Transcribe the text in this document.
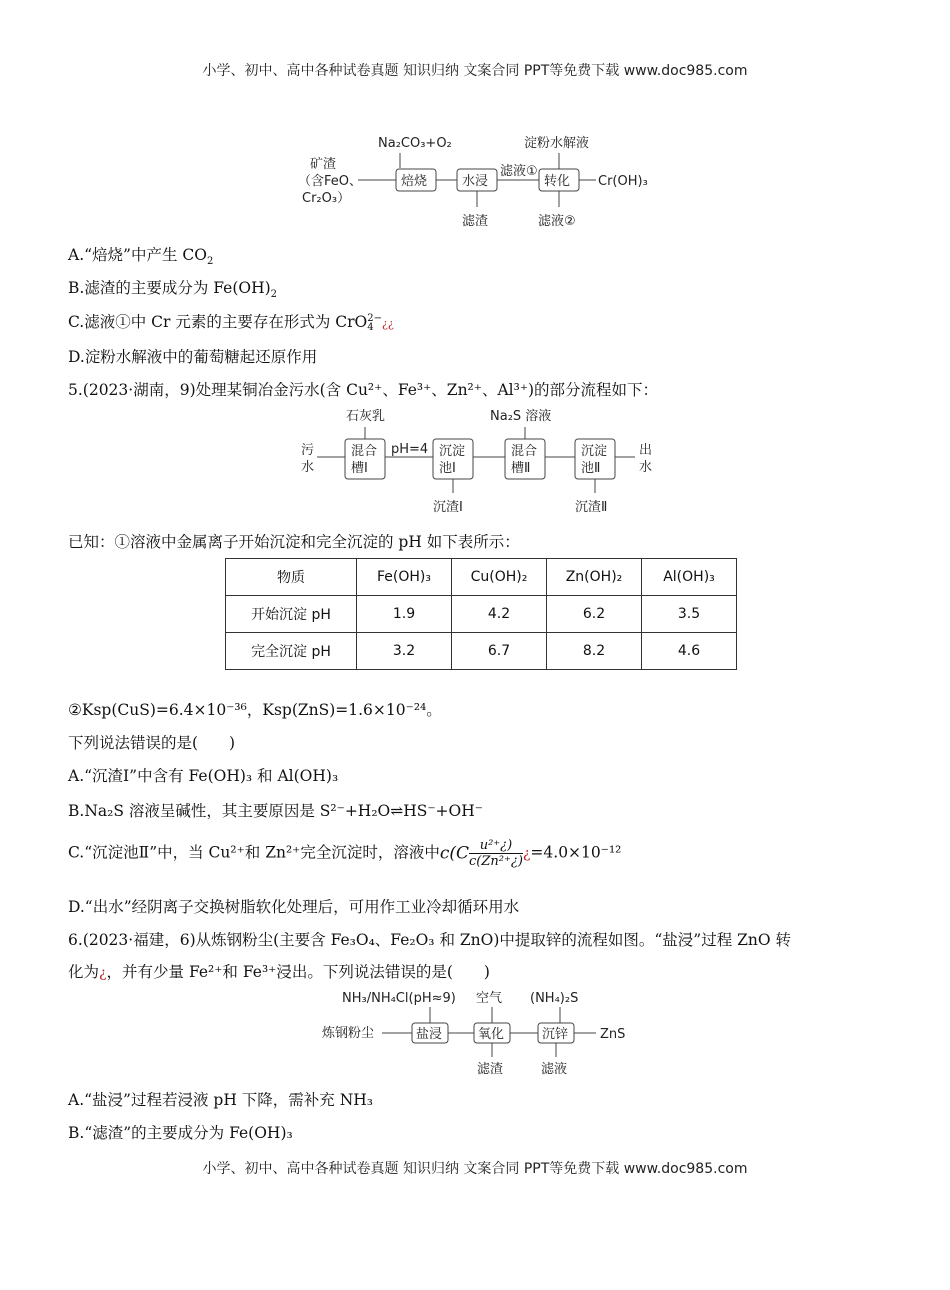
小学、初中、高中各种试卷真题 知识归纳 文案合同 PPT等免费下载 www.doc985.com
Na₂CO₃+O₂
矿渣
（含FeO、
Cr₂O₃）
焙烧	水浸
滤渣
滤液①
淀粉水解液
转化 Cr(OH)₃
滤液②
A.“焙烧”中产生 $CO_2$
B.滤渣的主要成分为 $Fe(OH)_2$
C.滤液①中 Cr 元素的主要存在形式为 CrO 2−
4 ¿¿
D.淀粉水解液中的葡萄糖起还原作用
5.(2023·湖南，9)处理某铜冶金污水(含 Cu²⁺、Fe³⁺、Zn²⁺、Al³⁺)的部分流程如下：
石灰乳	Na₂S 溶液
污
水
混合
槽Ⅰ
pH=4 沉淀
池Ⅰ
沉渣Ⅰ
混合
槽Ⅱ
沉淀
池Ⅱ
沉渣Ⅱ
出
水
已知：①溶液中金属离子开始沉淀和完全沉淀的 pH 如下表所示：
物质	Fe(OH)₃	Cu(OH)₂	Zn(OH)₂	Al(OH)₃
开始沉淀 pH	1.9	4.2	6.2	3.5
完全沉淀 pH	3.2	6.7	8.2	4.6
②Ksp(CuS)=6.4×10⁻³⁶，Ksp(ZnS)=1.6×10⁻²⁴。
下列说法错误的是(　　)
A.“沉渣Ⅰ”中含有 Fe(OH)₃ 和 Al(OH)₃
B.Na₂S 溶液呈碱性，其主要原因是 S²⁻+H₂O⇌HS⁻+OH⁻
C.“沉淀池Ⅱ”中，当 Cu²⁺和 Zn²⁺完全沉淀时，溶液中$c(C \frac{\text{u²⁺¿)}}{\text{c(Zn²⁺¿)}}$ ¿=4.0×10⁻¹²
D.“出水”经阴离子交换树脂软化处理后，可用作工业冷却循环用水
6.(2023·福建，6)从炼钢粉尘(主要含 Fe₃O₄、Fe₂O₃ 和 ZnO)中提取锌的流程如图。“盐浸”过程 ZnO 转
化为¿，并有少量 Fe²⁺和 Fe³⁺浸出。下列说法错误的是(　　)
NH₃/NH₄Cl(pH≈9) 空气 (NH₄)₂S
炼钢粉尘	盐浸	氧化
滤渣
沉锌
滤液
ZnS
A.“盐浸”过程若浸液 pH 下降，需补充 NH₃
B.“滤渣”的主要成分为 Fe(OH)₃
小学、初中、高中各种试卷真题 知识归纳 文案合同 PPT等免费下载 www.doc985.com
